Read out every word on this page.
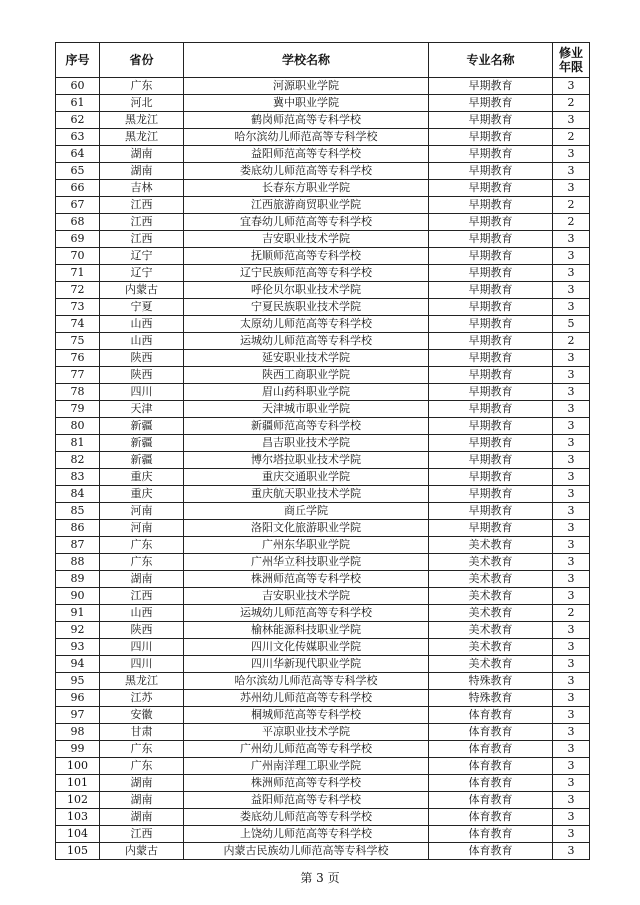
序号	省份	学校名称	专业名称	修业
年限
60	广东	河源职业学院	早期教育	3
61	河北	冀中职业学院	早期教育	2
62	黑龙江	鹤岗师范高等专科学校	早期教育	3
63	黑龙江	哈尔滨幼儿师范高等专科学校	早期教育	2
64	湖南	益阳师范高等专科学校	早期教育	3
65	湖南	娄底幼儿师范高等专科学校	早期教育	3
66	吉林	长春东方职业学院	早期教育	3
67	江西	江西旅游商贸职业学院	早期教育	2
68	江西	宜春幼儿师范高等专科学校	早期教育	2
69	江西	吉安职业技术学院	早期教育	3
70	辽宁	抚顺师范高等专科学校	早期教育	3
71	辽宁	辽宁民族师范高等专科学校	早期教育	3
72	内蒙古	呼伦贝尔职业技术学院	早期教育	3
73	宁夏	宁夏民族职业技术学院	早期教育	3
74	山西	太原幼儿师范高等专科学校	早期教育	5
75	山西	运城幼儿师范高等专科学校	早期教育	2
76	陕西	延安职业技术学院	早期教育	3
77	陕西	陕西工商职业学院	早期教育	3
78	四川	眉山药科职业学院	早期教育	3
79	天津	天津城市职业学院	早期教育	3
80	新疆	新疆师范高等专科学校	早期教育	3
81	新疆	昌吉职业技术学院	早期教育	3
82	新疆	博尔塔拉职业技术学院	早期教育	3
83	重庆	重庆交通职业学院	早期教育	3
84	重庆	重庆航天职业技术学院	早期教育	3
85	河南	商丘学院	早期教育	3
86	河南	洛阳文化旅游职业学院	早期教育	3
87	广东	广州东华职业学院	美术教育	3
88	广东	广州华立科技职业学院	美术教育	3
89	湖南	株洲师范高等专科学校	美术教育	3
90	江西	吉安职业技术学院	美术教育	3
91	山西	运城幼儿师范高等专科学校	美术教育	2
92	陕西	榆林能源科技职业学院	美术教育	3
93	四川	四川文化传媒职业学院	美术教育	3
94	四川	四川华新现代职业学院	美术教育	3
95	黑龙江	哈尔滨幼儿师范高等专科学校	特殊教育	3
96	江苏	苏州幼儿师范高等专科学校	特殊教育	3
97	安徽	桐城师范高等专科学校	体育教育	3
98	甘肃	平凉职业技术学院	体育教育	3
99	广东	广州幼儿师范高等专科学校	体育教育	3
100	广东	广州南洋理工职业学院	体育教育	3
101	湖南	株洲师范高等专科学校	体育教育	3
102	湖南	益阳师范高等专科学校	体育教育	3
103	湖南	娄底幼儿师范高等专科学校	体育教育	3
104	江西	上饶幼儿师范高等专科学校	体育教育	3
105	内蒙古	内蒙古民族幼儿师范高等专科学校	体育教育	3
第 3 页
